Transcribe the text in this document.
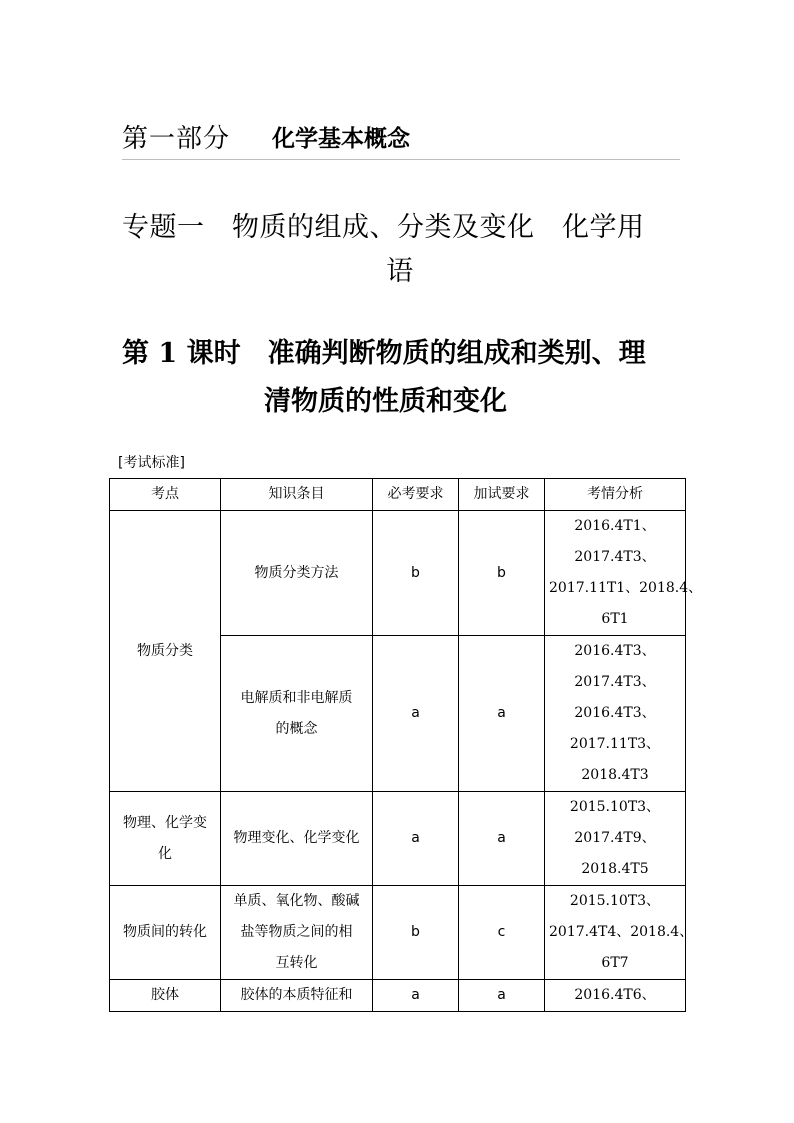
第一部分 化学基本概念
专题一　物质的组成、分类及变化　化学用
语
第 1 课时　准确判断物质的组成和类别、理
清物质的性质和变化
[考试标准]
考点	知识条目	必考要求	加试要求	考情分析
物质分类	物质分类方法	b	b	2016.4T1、
2017.4T3、
2017.11T1、2018.4、
6T1

	电解质和非电解质
的概念	a	a	2016.4T3、
2017.4T3、
2016.4T3、
2017.11T3、
2018.4T3

物理、化学变
化	物理变化、化学变化	a	a	2015.10T3、
2017.4T9、
2018.4T5

物质间的转化	单质、氧化物、酸碱
盐等物质之间的相
互转化	b	c	2015.10T3、
2017.4T4、2018.4、
6T7

胶体	胶体的本质特征和	a	a	2016.4T6、
